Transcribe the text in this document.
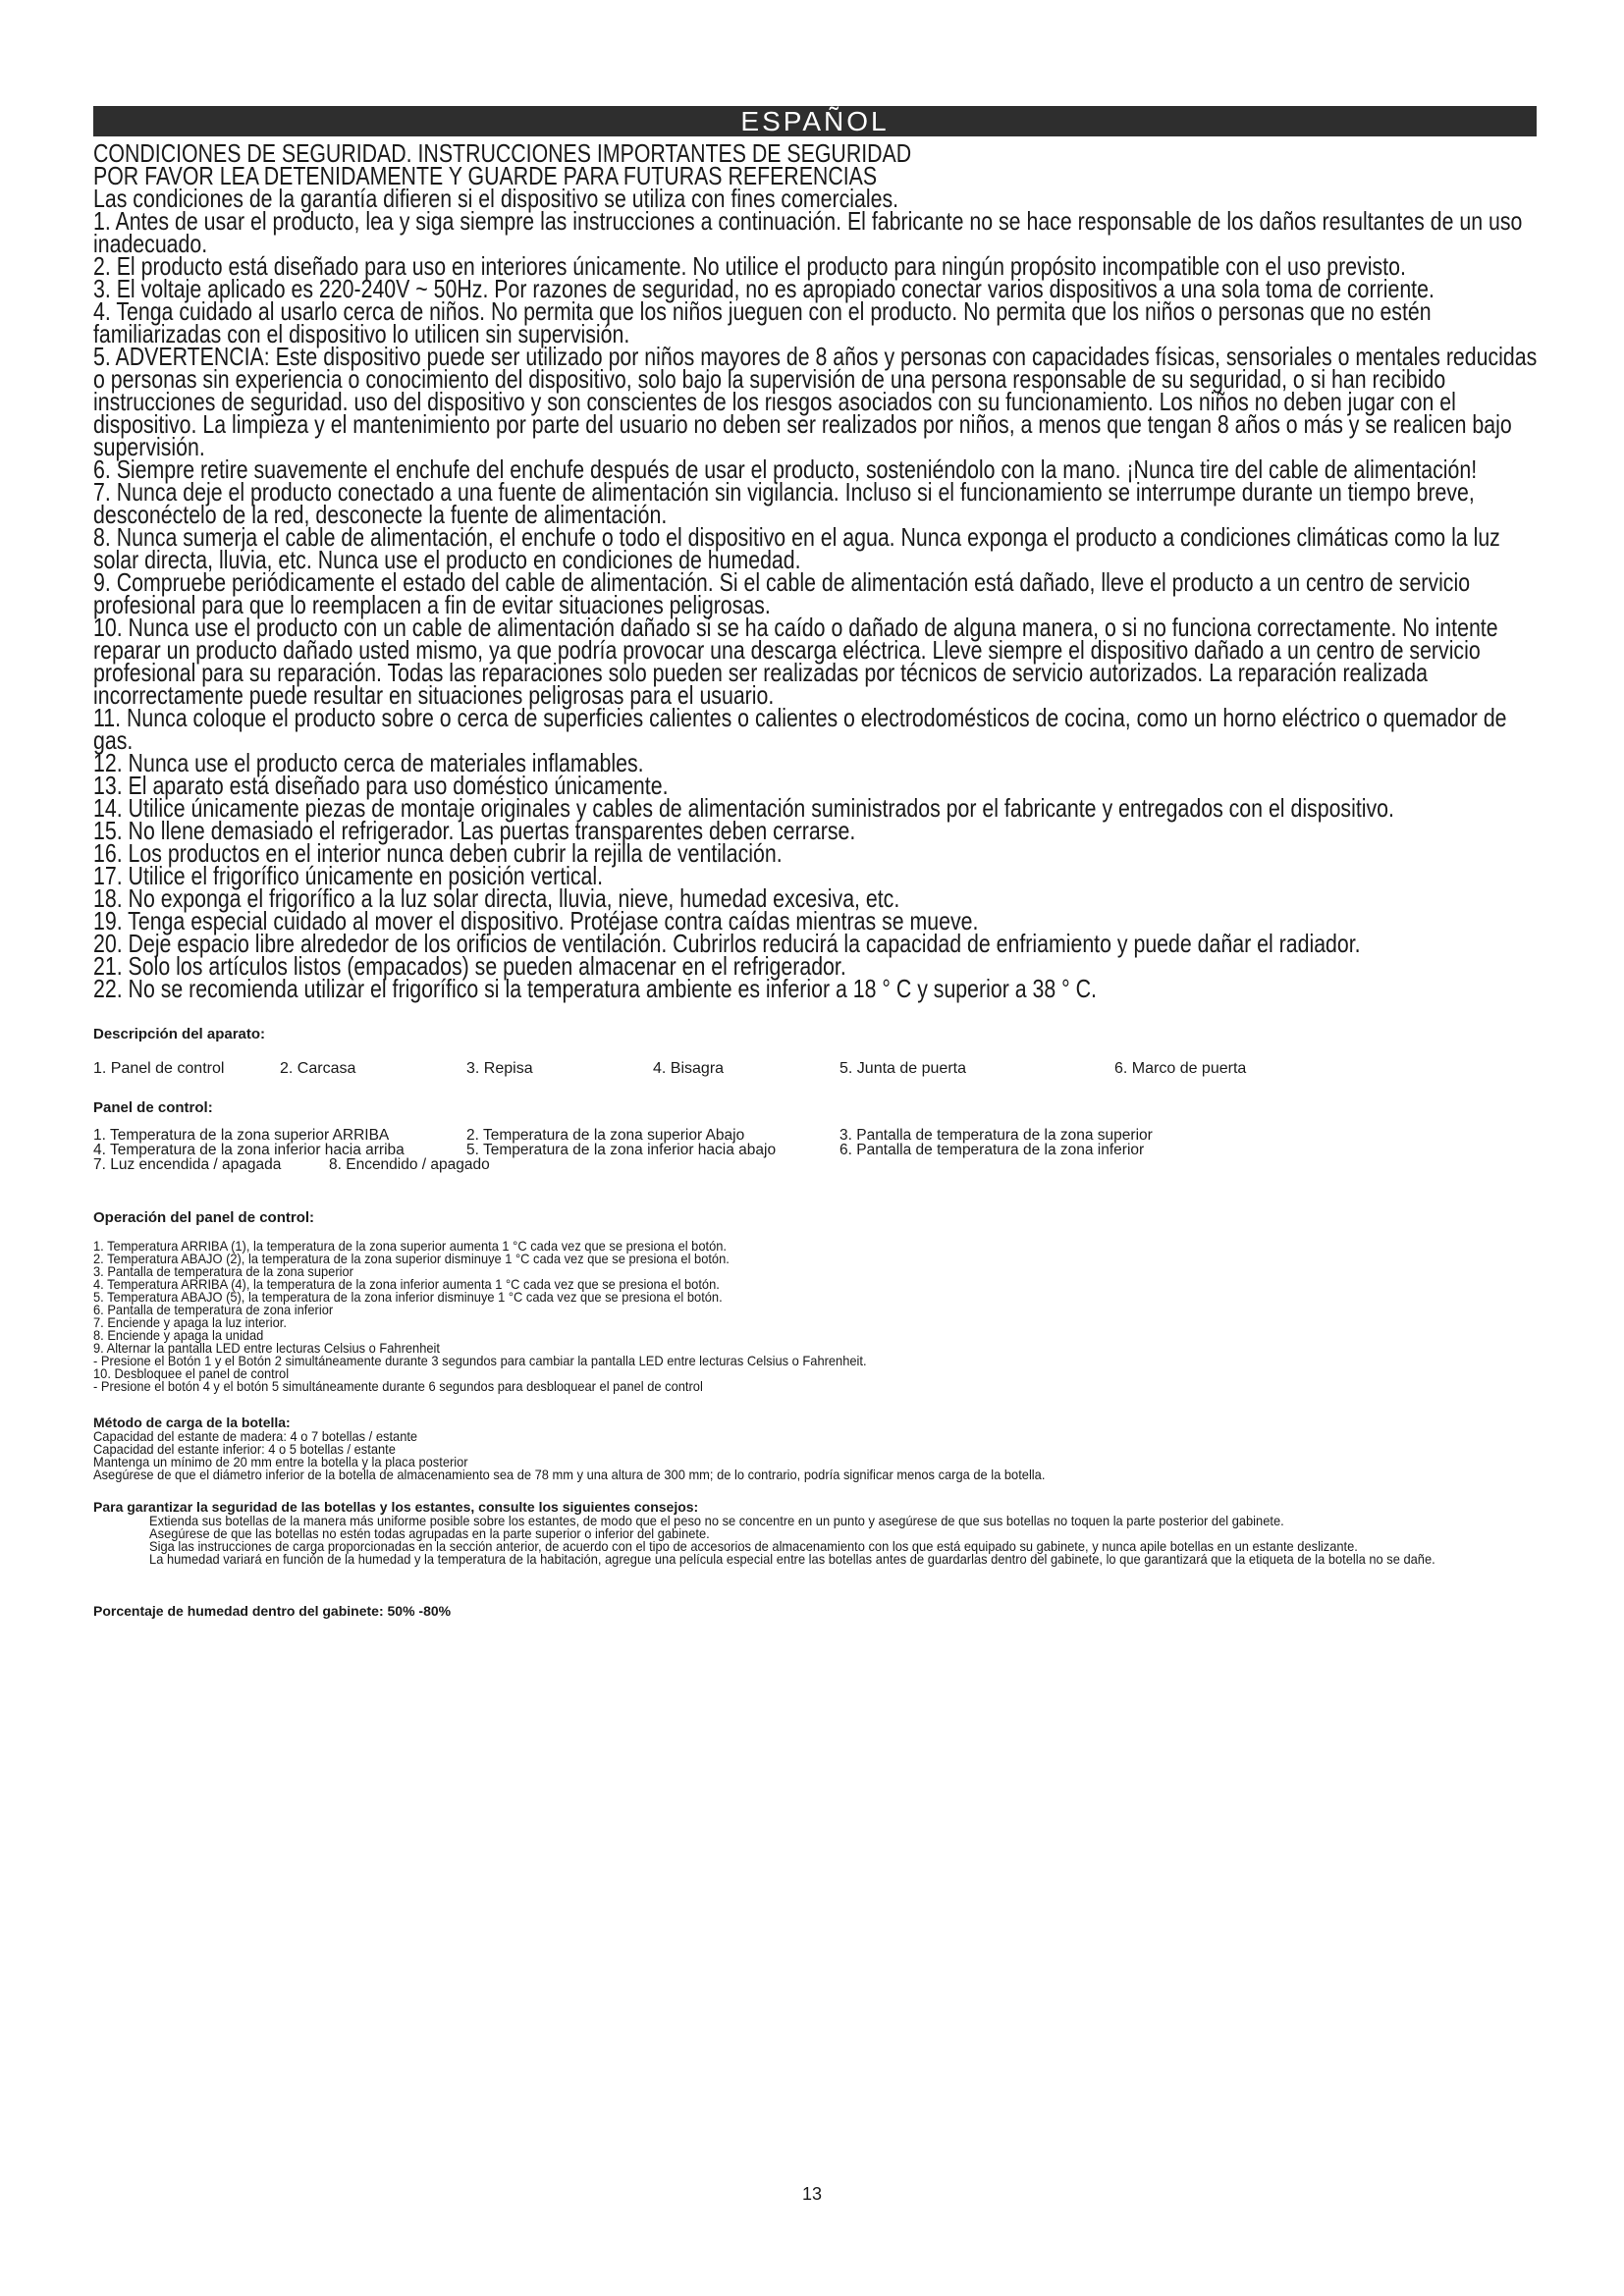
ESPAÑOL
CONDICIONES DE SEGURIDAD. INSTRUCCIONES IMPORTANTES DE SEGURIDAD
POR FAVOR LEA DETENIDAMENTE Y GUARDE PARA FUTURAS REFERENCIAS
Las condiciones de la garantía difieren si el dispositivo se utiliza con fines comerciales.
1. Antes de usar el producto, lea y siga siempre las instrucciones a continuación. El fabricante no se hace responsable de los daños resultantes de un uso inadecuado.
2. El producto está diseñado para uso en interiores únicamente. No utilice el producto para ningún propósito incompatible con el uso previsto.
3. El voltaje aplicado es 220-240V ~ 50Hz. Por razones de seguridad, no es apropiado conectar varios dispositivos a una sola toma de corriente.
4. Tenga cuidado al usarlo cerca de niños. No permita que los niños jueguen con el producto. No permita que los niños o personas que no estén familiarizadas con el dispositivo lo utilicen sin supervisión.
5. ADVERTENCIA: Este dispositivo puede ser utilizado por niños mayores de 8 años y personas con capacidades físicas, sensoriales o mentales reducidas o personas sin experiencia o conocimiento del dispositivo, solo bajo la supervisión de una persona responsable de su seguridad, o si han recibido instrucciones de seguridad. uso del dispositivo y son conscientes de los riesgos asociados con su funcionamiento. Los niños no deben jugar con el dispositivo. La limpieza y el mantenimiento por parte del usuario no deben ser realizados por niños, a menos que tengan 8 años o más y se realicen bajo supervisión.
6. Siempre retire suavemente el enchufe del enchufe después de usar el producto, sosteniéndolo con la mano. ¡Nunca tire del cable de alimentación!
7. Nunca deje el producto conectado a una fuente de alimentación sin vigilancia. Incluso si el funcionamiento se interrumpe durante un tiempo breve, desconéctelo de la red, desconecte la fuente de alimentación.
8. Nunca sumerja el cable de alimentación, el enchufe o todo el dispositivo en el agua. Nunca exponga el producto a condiciones climáticas como la luz solar directa, lluvia, etc. Nunca use el producto en condiciones de humedad.
9. Compruebe periódicamente el estado del cable de alimentación. Si el cable de alimentación está dañado, lleve el producto a un centro de servicio profesional para que lo reemplacen a fin de evitar situaciones peligrosas.
10. Nunca use el producto con un cable de alimentación dañado si se ha caído o dañado de alguna manera, o si no funciona correctamente. No intente reparar un producto dañado usted mismo, ya que podría provocar una descarga eléctrica. Lleve siempre el dispositivo dañado a un centro de servicio profesional para su reparación. Todas las reparaciones solo pueden ser realizadas por técnicos de servicio autorizados. La reparación realizada incorrectamente puede resultar en situaciones peligrosas para el usuario.
11. Nunca coloque el producto sobre o cerca de superficies calientes o calientes o electrodomésticos de cocina, como un horno eléctrico o quemador de gas.
12. Nunca use el producto cerca de materiales inflamables.
13. El aparato está diseñado para uso doméstico únicamente.
14. Utilice únicamente piezas de montaje originales y cables de alimentación suministrados por el fabricante y entregados con el dispositivo.
15. No llene demasiado el refrigerador. Las puertas transparentes deben cerrarse.
16. Los productos en el interior nunca deben cubrir la rejilla de ventilación.
17. Utilice el frigorífico únicamente en posición vertical.
18. No exponga el frigorífico a la luz solar directa, lluvia, nieve, humedad excesiva, etc.
19. Tenga especial cuidado al mover el dispositivo. Protéjase contra caídas mientras se mueve.
20. Deje espacio libre alrededor de los orificios de ventilación. Cubrirlos reducirá la capacidad de enfriamiento y puede dañar el radiador.
21. Solo los artículos listos (empacados) se pueden almacenar en el refrigerador.
22. No se recomienda utilizar el frigorífico si la temperatura ambiente es inferior a 18 ° C y superior a 38 ° C.
Descripción del aparato:
1. Panel de control	2. Carcasa	3. Repisa	4. Bisagra	5. Junta de puerta	6. Marco de puerta
Panel de control:
1. Temperatura de la zona superior ARRIBA	2. Temperatura de la zona superior Abajo	3. Pantalla de temperatura de la zona superior
4. Temperatura de la zona inferior hacia arriba	5. Temperatura de la zona inferior hacia abajo	6. Pantalla de temperatura de la zona inferior
7. Luz encendida / apagada	8. Encendido / apagado
Operación del panel de control:
1. Temperatura ARRIBA (1), la temperatura de la zona superior aumenta 1 °C cada vez que se presiona el botón.
2. Temperatura ABAJO (2), la temperatura de la zona superior disminuye 1 °C cada vez que se presiona el botón.
3. Pantalla de temperatura de la zona superior
4. Temperatura ARRIBA (4), la temperatura de la zona inferior aumenta 1 °C cada vez que se presiona el botón.
5. Temperatura ABAJO (5), la temperatura de la zona inferior disminuye 1 °C cada vez que se presiona el botón.
6. Pantalla de temperatura de zona inferior
7. Enciende y apaga la luz interior.
8. Enciende y apaga la unidad
9. Alternar la pantalla LED entre lecturas Celsius o Fahrenheit
- Presione el Botón 1 y el Botón 2 simultáneamente durante 3 segundos para cambiar la pantalla LED entre lecturas Celsius o Fahrenheit.
10. Desbloquee el panel de control
- Presione el botón 4 y el botón 5 simultáneamente durante 6 segundos para desbloquear el panel de control
Método de carga de la botella:
Capacidad del estante de madera: 4 o 7 botellas / estante
Capacidad del estante inferior: 4 o 5 botellas / estante
Mantenga un mínimo de 20 mm entre la botella y la placa posterior
Asegúrese de que el diámetro inferior de la botella de almacenamiento sea de 78 mm y una altura de 300 mm; de lo contrario, podría significar menos carga de la botella.
Para garantizar la seguridad de las botellas y los estantes, consulte los siguientes consejos:
Extienda sus botellas de la manera más uniforme posible sobre los estantes, de modo que el peso no se concentre en un punto y asegúrese de que sus botellas no toquen la parte posterior del gabinete.
Asegúrese de que las botellas no estén todas agrupadas en la parte superior o inferior del gabinete.
Siga las instrucciones de carga proporcionadas en la sección anterior, de acuerdo con el tipo de accesorios de almacenamiento con los que está equipado su gabinete, y nunca apile botellas en un estante deslizante.
La humedad variará en función de la humedad y la temperatura de la habitación, agregue una película especial entre las botellas antes de guardarlas dentro del gabinete, lo que garantizará que la etiqueta de la botella no se dañe.
Porcentaje de humedad dentro del gabinete: 50% -80%
13
